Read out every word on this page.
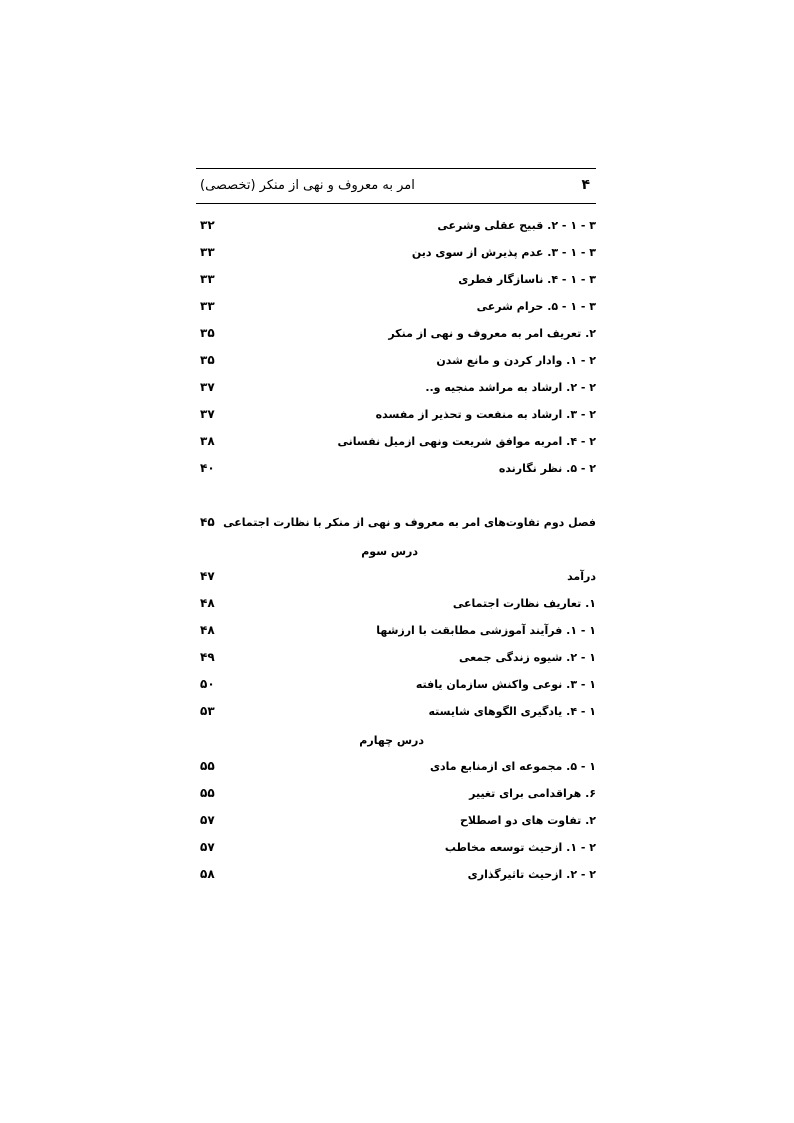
۴
امر به معروف و نهی از منکر (تخصصی)
۳ - ۱ - ۲. قبیح عقلی وشرعی
۳۲
۳ - ۱ - ۳. عدم پذیرش از سوی دین
۳۳
۳ - ۱ - ۴. ناسازگار فطری
۳۳
۳ - ۱ - ۵. حرام شرعی
۳۳
۲. تعریف امر به معروف و نهی از منکر
۳۵
۲ - ۱. وادار کردن و مانع شدن
۳۵
۲ - ۲. ارشاد به مراشد منجیه و..
۳۷
۲ - ۳. ارشاد به منفعت و تحذیر از مفسده
۳۷
۲ - ۴. امربه موافق شریعت ونهی ازمیل نفسانی
۳۸
۲ - ۵. نظر نگارنده
۴۰
فصل دوم تفاوت‌های امر به معروف و نهی از منکر با نظارت اجتماعی
۴۵
درس سوم
درآمد
۴۷
۱. تعاریف نظارت اجتماعی
۴۸
۱ - ۱. فرآیند آموزشی مطابقت با ارزشها
۴۸
۱ - ۲. شیوه زندگی جمعی
۴۹
۱ - ۳. نوعی واکنش سازمان یافته
۵۰
۱ - ۴. یادگیری الگوهای شایسته
۵۳
درس چهارم
۱ - ۵. مجموعه ای ازمنابع مادی
۵۵
۶. هراقدامی برای تغییر
۵۵
۲. تفاوت های دو اصطلاح
۵۷
۲ - ۱. ازحیث توسعه مخاطب
۵۷
۲ - ۲. ازحیث تاثیرگذاری
۵۸
